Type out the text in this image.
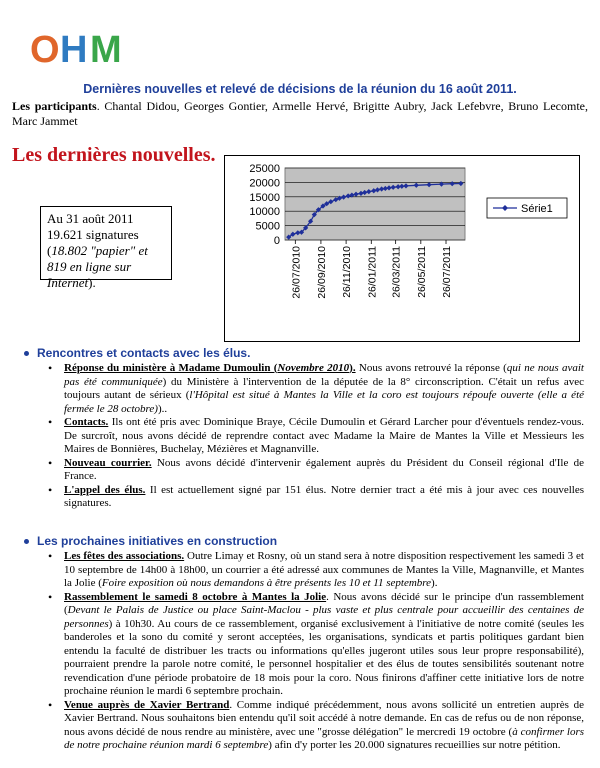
O H M
Dernières nouvelles et relevé de décisions de la réunion du 16 août 2011.
Les participants. Chantal Didou, Georges Gontier, Armelle Hervé, Brigitte Aubry, Jack Lefebvre, Bruno Lecomte, Marc Jammet
Les dernières nouvelles.
Au 31 août 2011
19.621 signatures
(18.802 "papier" et 819 en ligne sur Internet).
0
5000
10000
15000
20000
25000
26/07/2010 26/09/2010 26/11/2010 26/01/2011 26/03/2011 26/05/2011 26/07/2011
Série1
Rencontres et contacts avec les élus.
• Réponse du ministère à Madame Dumoulin (Novembre 2010). Nous avons retrouvé la réponse (qui ne nous avait pas été communiquée) du Ministère à l'intervention de la députée de la 8° circonscription. C'était un refus avec toujours autant de sérieux (l'Hôpital est situé à Mantes la Ville et la coro est toujours répoufe ouverte (elle a été fermée le 28 octobre))..
• Contacts. Ils ont été pris avec Dominique Braye, Cécile Dumoulin et Gérard Larcher pour d'éventuels rendez-vous. De surcroît, nous avons décidé de reprendre contact avec Madame la Maire de Mantes la Ville et Messieurs les Maires de Bonnières, Buchelay, Mézières et Magnanville.
• Nouveau courrier. Nous avons décidé d'intervenir également auprès du Président du Conseil régional d'Ile de France.
• L'appel des élus. Il est actuellement signé par 151 élus. Notre dernier tract a été mis à jour avec ces nouvelles signatures.
Les prochaines initiatives en construction
• Les fêtes des associations. Outre Limay et Rosny, où un stand sera à notre disposition respectivement les samedi 3 et 10 septembre de 14h00 à 18h00, un courrier a été adressé aux communes de Mantes la Ville, Magnanville, et Mantes la Jolie (Foire exposition où nous demandons à être présents les 10 et 11 septembre).
• Rassemblement le samedi 8 octobre à Mantes la Jolie. Nous avons décidé sur le principe d'un rassemblement (Devant le Palais de Justice ou place Saint-Maclou - plus vaste et plus centrale pour accueillir des centaines de personnes) à 10h30. Au cours de ce rassemblement, organisé exclusivement à l'initiative de notre comité (seules les banderoles et la sono du comité y seront acceptées, les organisations, syndicats et partis politiques gardant bien entendu la faculté de distribuer les tracts ou informations qu'elles jugeront utiles sous leur propre responsabilité), pourraient prendre la parole notre comité, le personnel hospitalier et des élus de toutes sensibilités soutenant notre revendication d'une période probatoire de 18 mois pour la coro. Nous finirons d'affiner cette initiative lors de notre prochaine réunion le mardi 6 septembre prochain.
• Venue auprès de Xavier Bertrand. Comme indiqué précédemment, nous avons sollicité un entretien auprès de Xavier Bertrand. Nous souhaitons bien entendu qu'il soit accédé à notre demande. En cas de refus ou de non réponse, nous avons décidé de nous rendre au ministère, avec une "grosse délégation" le mercredi 19 octobre (à confirmer lors de notre prochaine réunion mardi 6 septembre) afin d'y porter les 20.000 signatures recueillies sur notre pétition.
